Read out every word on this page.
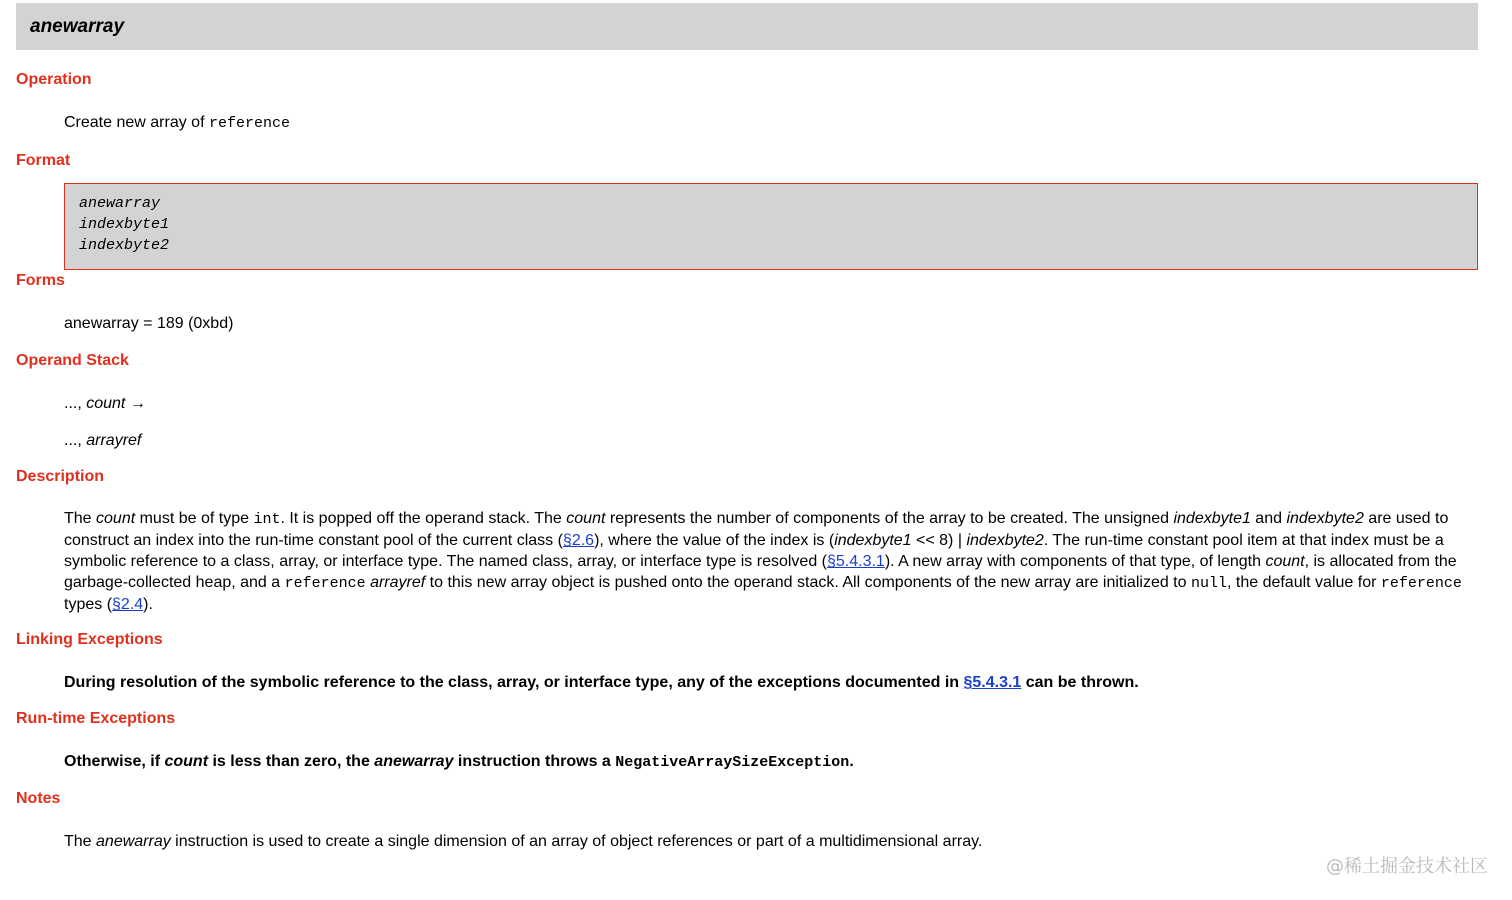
anewarray
Operation
Create new array of reference
Format
anewarray
indexbyte1
indexbyte2
Forms
anewarray = 189 (0xbd)
Operand Stack
..., count →
..., arrayref
Description
The count must be of type int. It is popped off the operand stack. The count represents the number of components of the array to be created. The unsigned indexbyte1 and indexbyte2 are used to construct an index into the run-time constant pool of the current class (§2.6), where the value of the index is (indexbyte1 << 8) | indexbyte2. The run-time constant pool item at that index must be a symbolic reference to a class, array, or interface type. The named class, array, or interface type is resolved (§5.4.3.1). A new array with components of that type, of length count, is allocated from the garbage-collected heap, and a reference arrayref to this new array object is pushed onto the operand stack. All components of the new array are initialized to null, the default value for reference types (§2.4).
Linking Exceptions
During resolution of the symbolic reference to the class, array, or interface type, any of the exceptions documented in §5.4.3.1 can be thrown.
Run-time Exceptions
Otherwise, if count is less than zero, the anewarray instruction throws a NegativeArraySizeException.
Notes
The anewarray instruction is used to create a single dimension of an array of object references or part of a multidimensional array.
@稀土掘金技术社区
